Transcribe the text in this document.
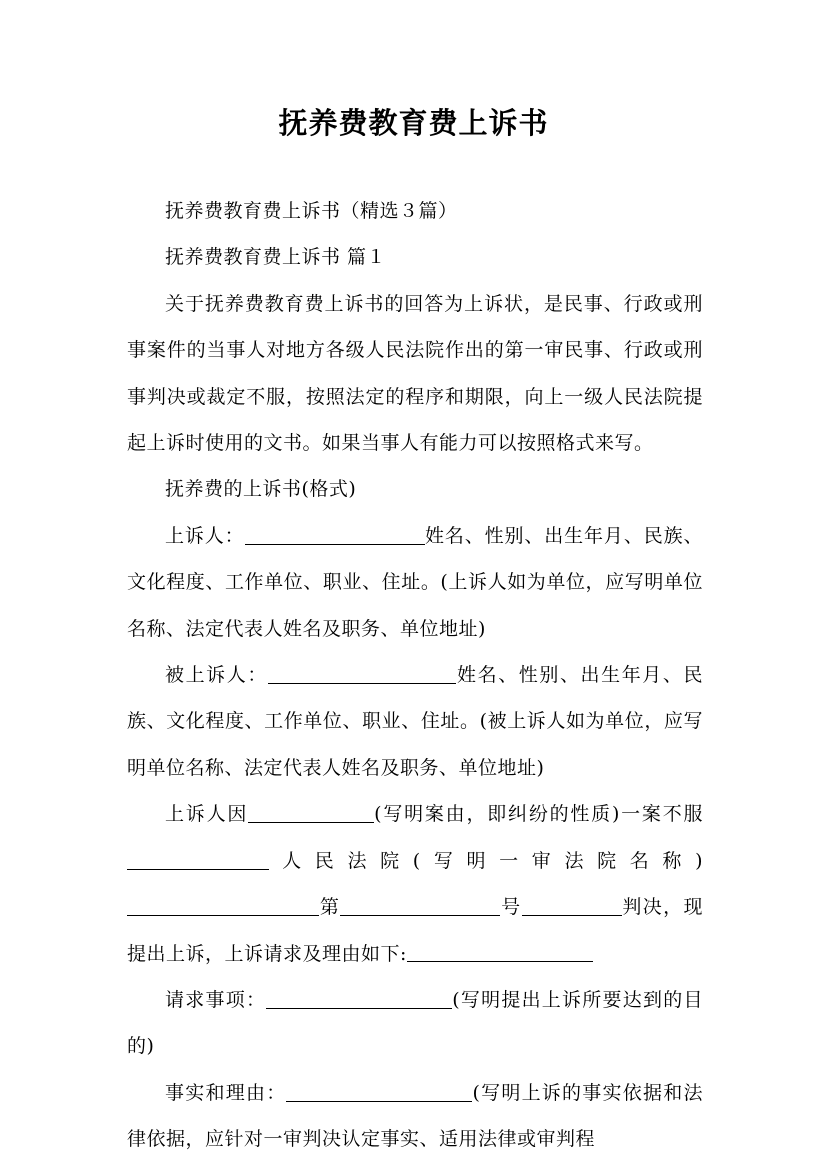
抚养费教育费上诉书

抚养费教育费上诉书（精选３篇）

抚养费教育费上诉书 篇１

关于抚养费教育费上诉书的回答为上诉状，是民事、行政或刑事案件的当事人对地方各级人民法院作出的第一审民事、行政或刑事判决或裁定不服，按照法定的程序和期限，向上一级人民法院提起上诉时使用的文书。如果当事人有能力可以按照格式来写。

抚养费的上诉书(格式)

上诉人：	姓名、性别、出生年月、民族、文化程度、工作单位、职业、住址。(上诉人如为单位，应写明单位名称、法定代表人姓名及职务、单位地址)

被上诉人：	姓名、性别、出生年月、民族、文化程度、工作单位、职业、住址。(被上诉人如为单位，应写明单位名称、法定代表人姓名及职务、单位地址)

上诉人因	(写明案由，即纠纷的性质)一案不服人民法院(写明一审法院名称)第	号	判决，现提出上诉，上诉请求及理由如下:

请求事项：	(写明提出上诉所要达到的目的)

事实和理由：	(写明上诉的事实依据和法律依据，应针对一审判决认定事实、适用法律或审判程
